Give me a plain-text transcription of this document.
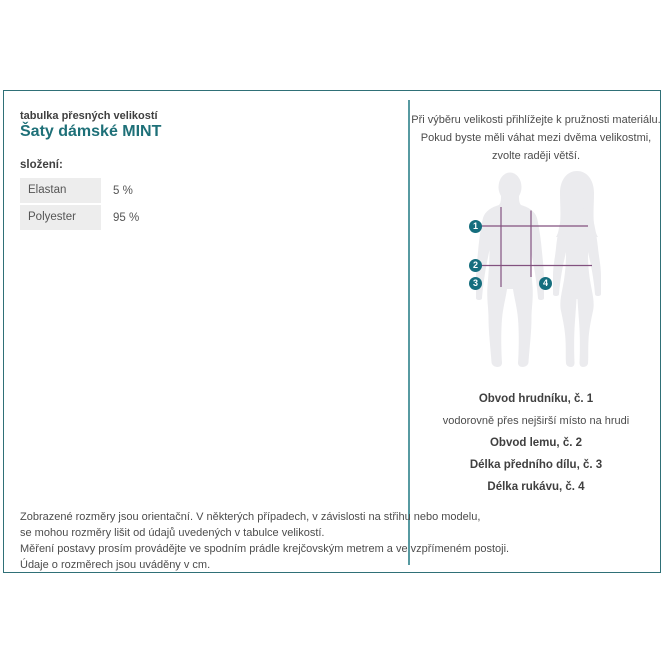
tabulka přesných velikostí
Šaty dámské MINT
složení:
Elastan	5 %
Polyester	95 %
Zobrazené rozměry jsou orientační. V některých případech, v závislosti na střihu nebo modelu,
se mohou rozměry lišit od údajů uvedených v tabulce velikostí.
Měření postavy prosím provádějte ve spodním prádle krejčovským metrem a ve vzpřímeném postoji.
Údaje o rozměrech jsou uváděny v cm.
Při výběru velikosti přihlížejte k pružnosti materiálu.
Pokud byste měli váhat mezi dvěma velikostmi,
zvolte raději větší.
1
2
3	4
Obvod hrudníku, č. 1
vodorovně přes nejširší místo na hrudi
Obvod lemu, č. 2
Délka předního dílu, č. 3
Délka rukávu, č. 4
